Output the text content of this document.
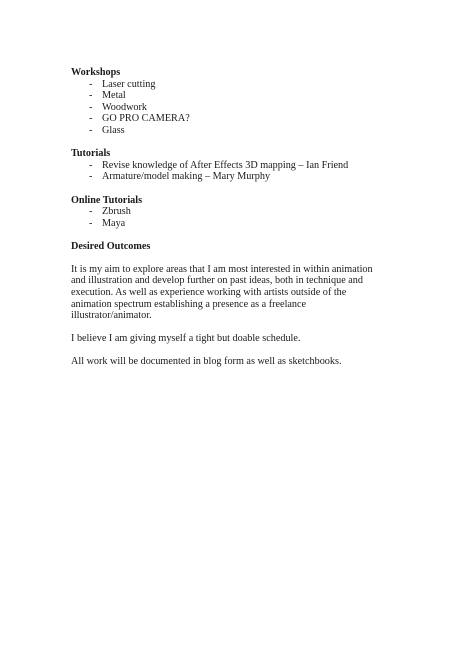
Workshops

- Laser cutting
- Metal
- Woodwork
- GO PRO CAMERA?
- Glass

Tutorials

- Revise knowledge of After Effects 3D mapping – Ian Friend
- Armature/model making – Mary Murphy

Online Tutorials

- Zbrush
- Maya

Desired Outcomes

It is my aim to explore areas that I am most interested in within animation
and illustration and develop further on past ideas, both in technique and
execution. As well as experience working with artists outside of the
animation spectrum establishing a presence as a freelance
illustrator/animator.

I believe I am giving myself a tight but doable schedule.

All work will be documented in blog form as well as sketchbooks.
